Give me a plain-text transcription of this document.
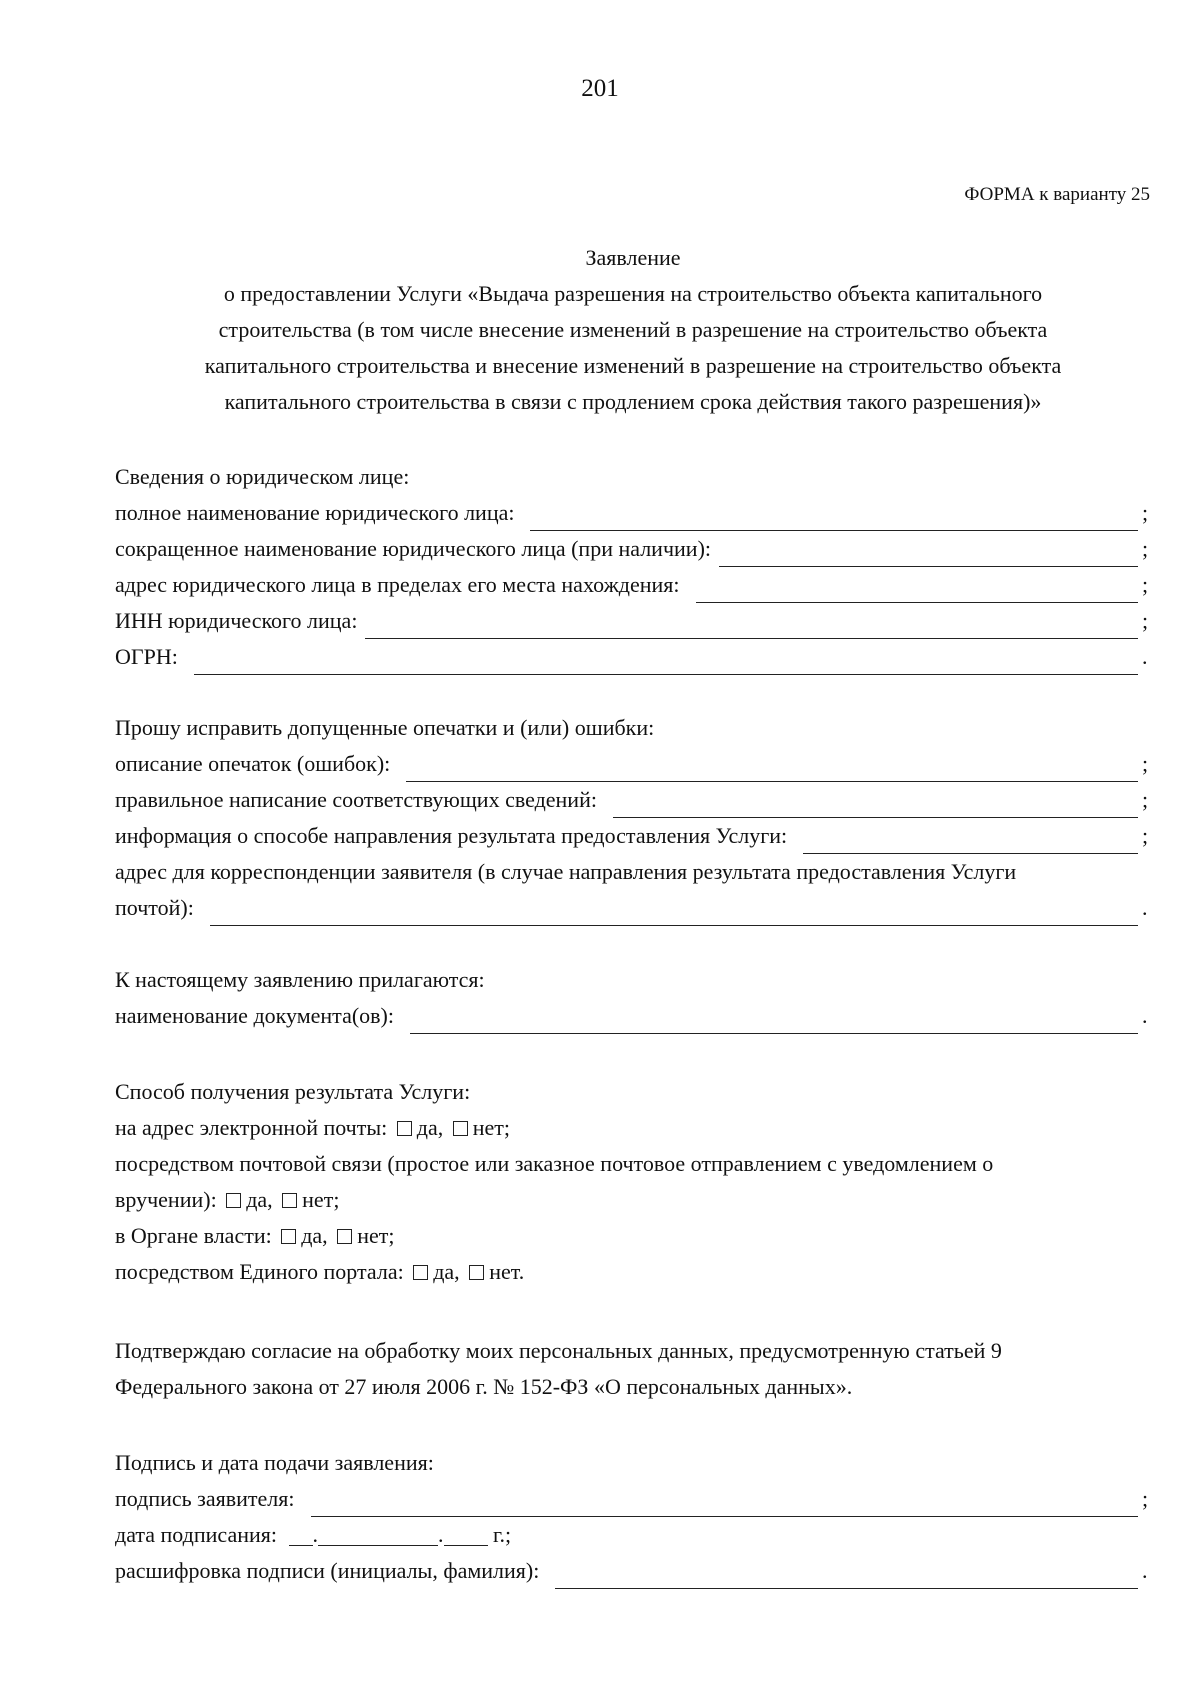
201
ФОРМА к варианту 25
Заявление
о предоставлении Услуги «Выдача разрешения на строительство объекта капитального
строительства (в том числе внесение изменений в разрешение на строительство объекта
капитального строительства и внесение изменений в разрешение на строительство объекта
капитального строительства в связи с продлением срока действия такого разрешения)»
Сведения о юридическом лице:
полное наименование юридического лица:	;
сокращенное наименование юридического лица (при наличии):	;
адрес юридического лица в пределах его места нахождения:	;
ИНН юридического лица:	;
ОГРН:	.
Прошу исправить допущенные опечатки и (или) ошибки:
описание опечаток (ошибок):	;
правильное написание соответствующих сведений:	;
информация о способе направления результата предоставления Услуги:	;
адрес для корреспонденции заявителя (в случае направления результата предоставления Услуги
почтой):	.
К настоящему заявлению прилагаются:
наименование документа(ов):	.
Способ получения результата Услуги:
на адрес электронной почты: да, нет;
посредством почтовой связи (простое или заказное почтовое отправлением с уведомлением о
вручении): да, нет;
в Органе власти: да, нет;
посредством Единого портала: да, нет.
Подтверждаю согласие на обработку моих персональных данных, предусмотренную статьей 9
Федерального закона от 27 июля 2006 г. № 152-ФЗ «О персональных данных».
Подпись и дата подачи заявления:
подпись заявителя:	;
дата подписания: .	. г.;
расшифровка подписи (инициалы, фамилия):	.
